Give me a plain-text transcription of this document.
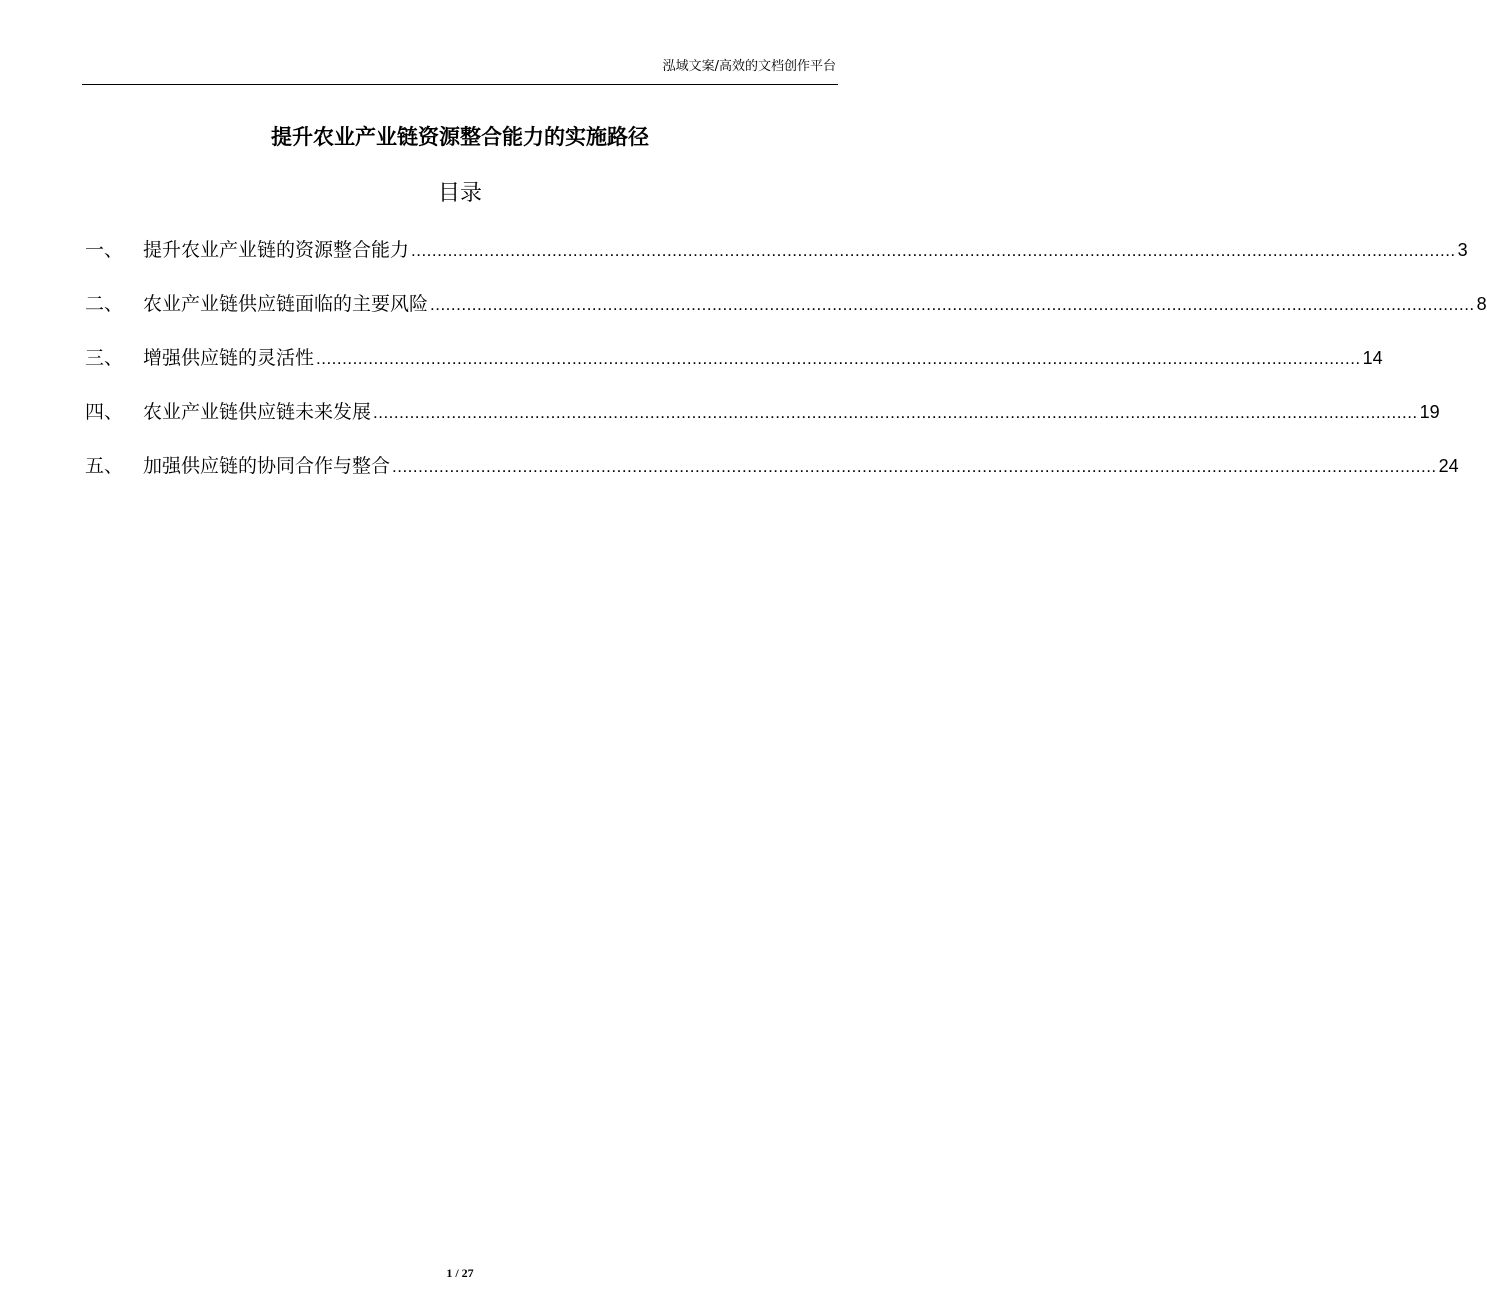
泓域文案/高效的文档创作平台
提升农业产业链资源整合能力的实施路径
目录
一、	提升农业产业链的资源整合能力 ........................................................................................................................................................................................................ 3
二、	农业产业链供应链面临的主要风险 ........................................................................................................................................................................................................ 8
三、	增强供应链的灵活性 ........................................................................................................................................................................................................ 14
四、	农业产业链供应链未来发展 ........................................................................................................................................................................................................ 19
五、	加强供应链的协同合作与整合 ........................................................................................................................................................................................................ 24
1 / 27
